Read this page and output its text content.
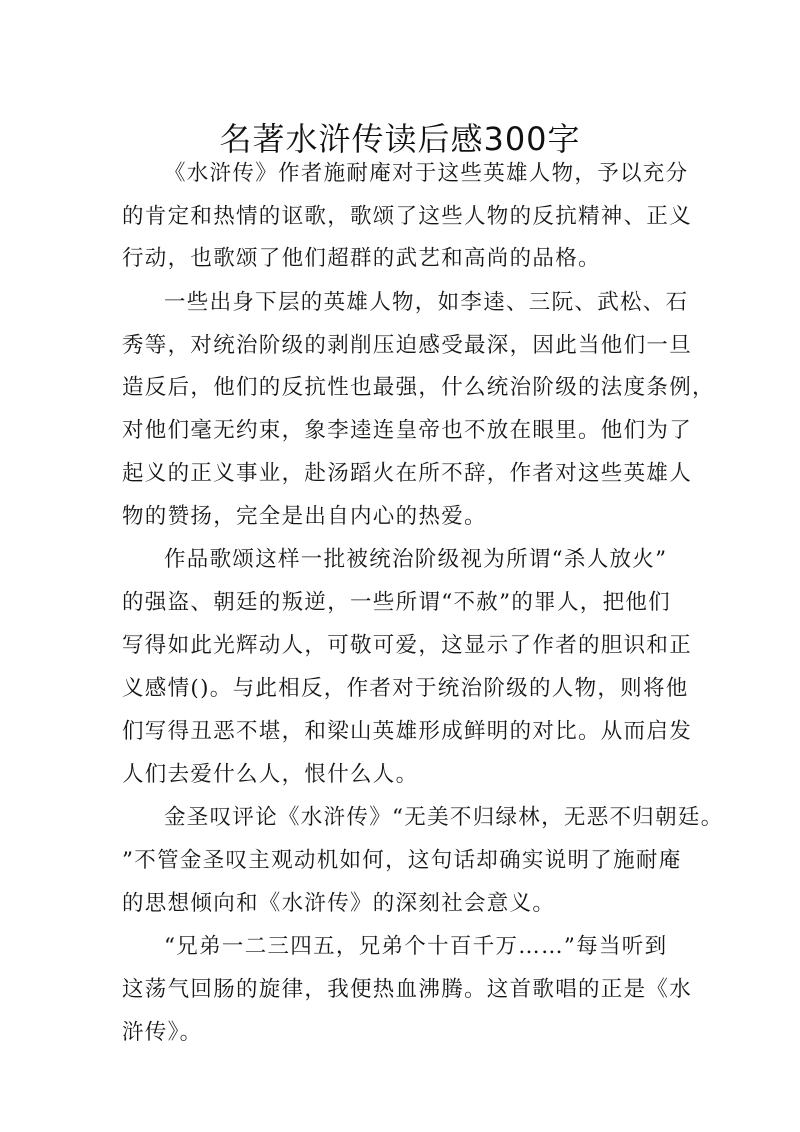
名著水浒传读后感300字
《水浒传》作者施耐庵对于这些英雄人物，予以充分
的肯定和热情的讴歌，歌颂了这些人物的反抗精神、正义
行动，也歌颂了他们超群的武艺和高尚的品格。
一些出身下层的英雄人物，如李逵、三阮、武松、石
秀等，对统治阶级的剥削压迫感受最深，因此当他们一旦
造反后，他们的反抗性也最强，什么统治阶级的法度条例，
对他们毫无约束，象李逵连皇帝也不放在眼里。他们为了
起义的正义事业，赴汤蹈火在所不辞，作者对这些英雄人
物的赞扬，完全是出自内心的热爱。
作品歌颂这样一批被统治阶级视为所谓“杀人放火”
的强盗、朝廷的叛逆，一些所谓“不赦”的罪人，把他们
写得如此光辉动人，可敬可爱，这显示了作者的胆识和正
义感情()。与此相反，作者对于统治阶级的人物，则将他
们写得丑恶不堪，和梁山英雄形成鲜明的对比。从而启发
人们去爱什么人，恨什么人。
金圣叹评论《水浒传》“无美不归绿林，无恶不归朝廷。
”不管金圣叹主观动机如何，这句话却确实说明了施耐庵
的思想倾向和《水浒传》的深刻社会意义。
“兄弟一二三四五，兄弟个十百千万……”每当听到
这荡气回肠的旋律，我便热血沸腾。这首歌唱的正是《水
浒传》。
